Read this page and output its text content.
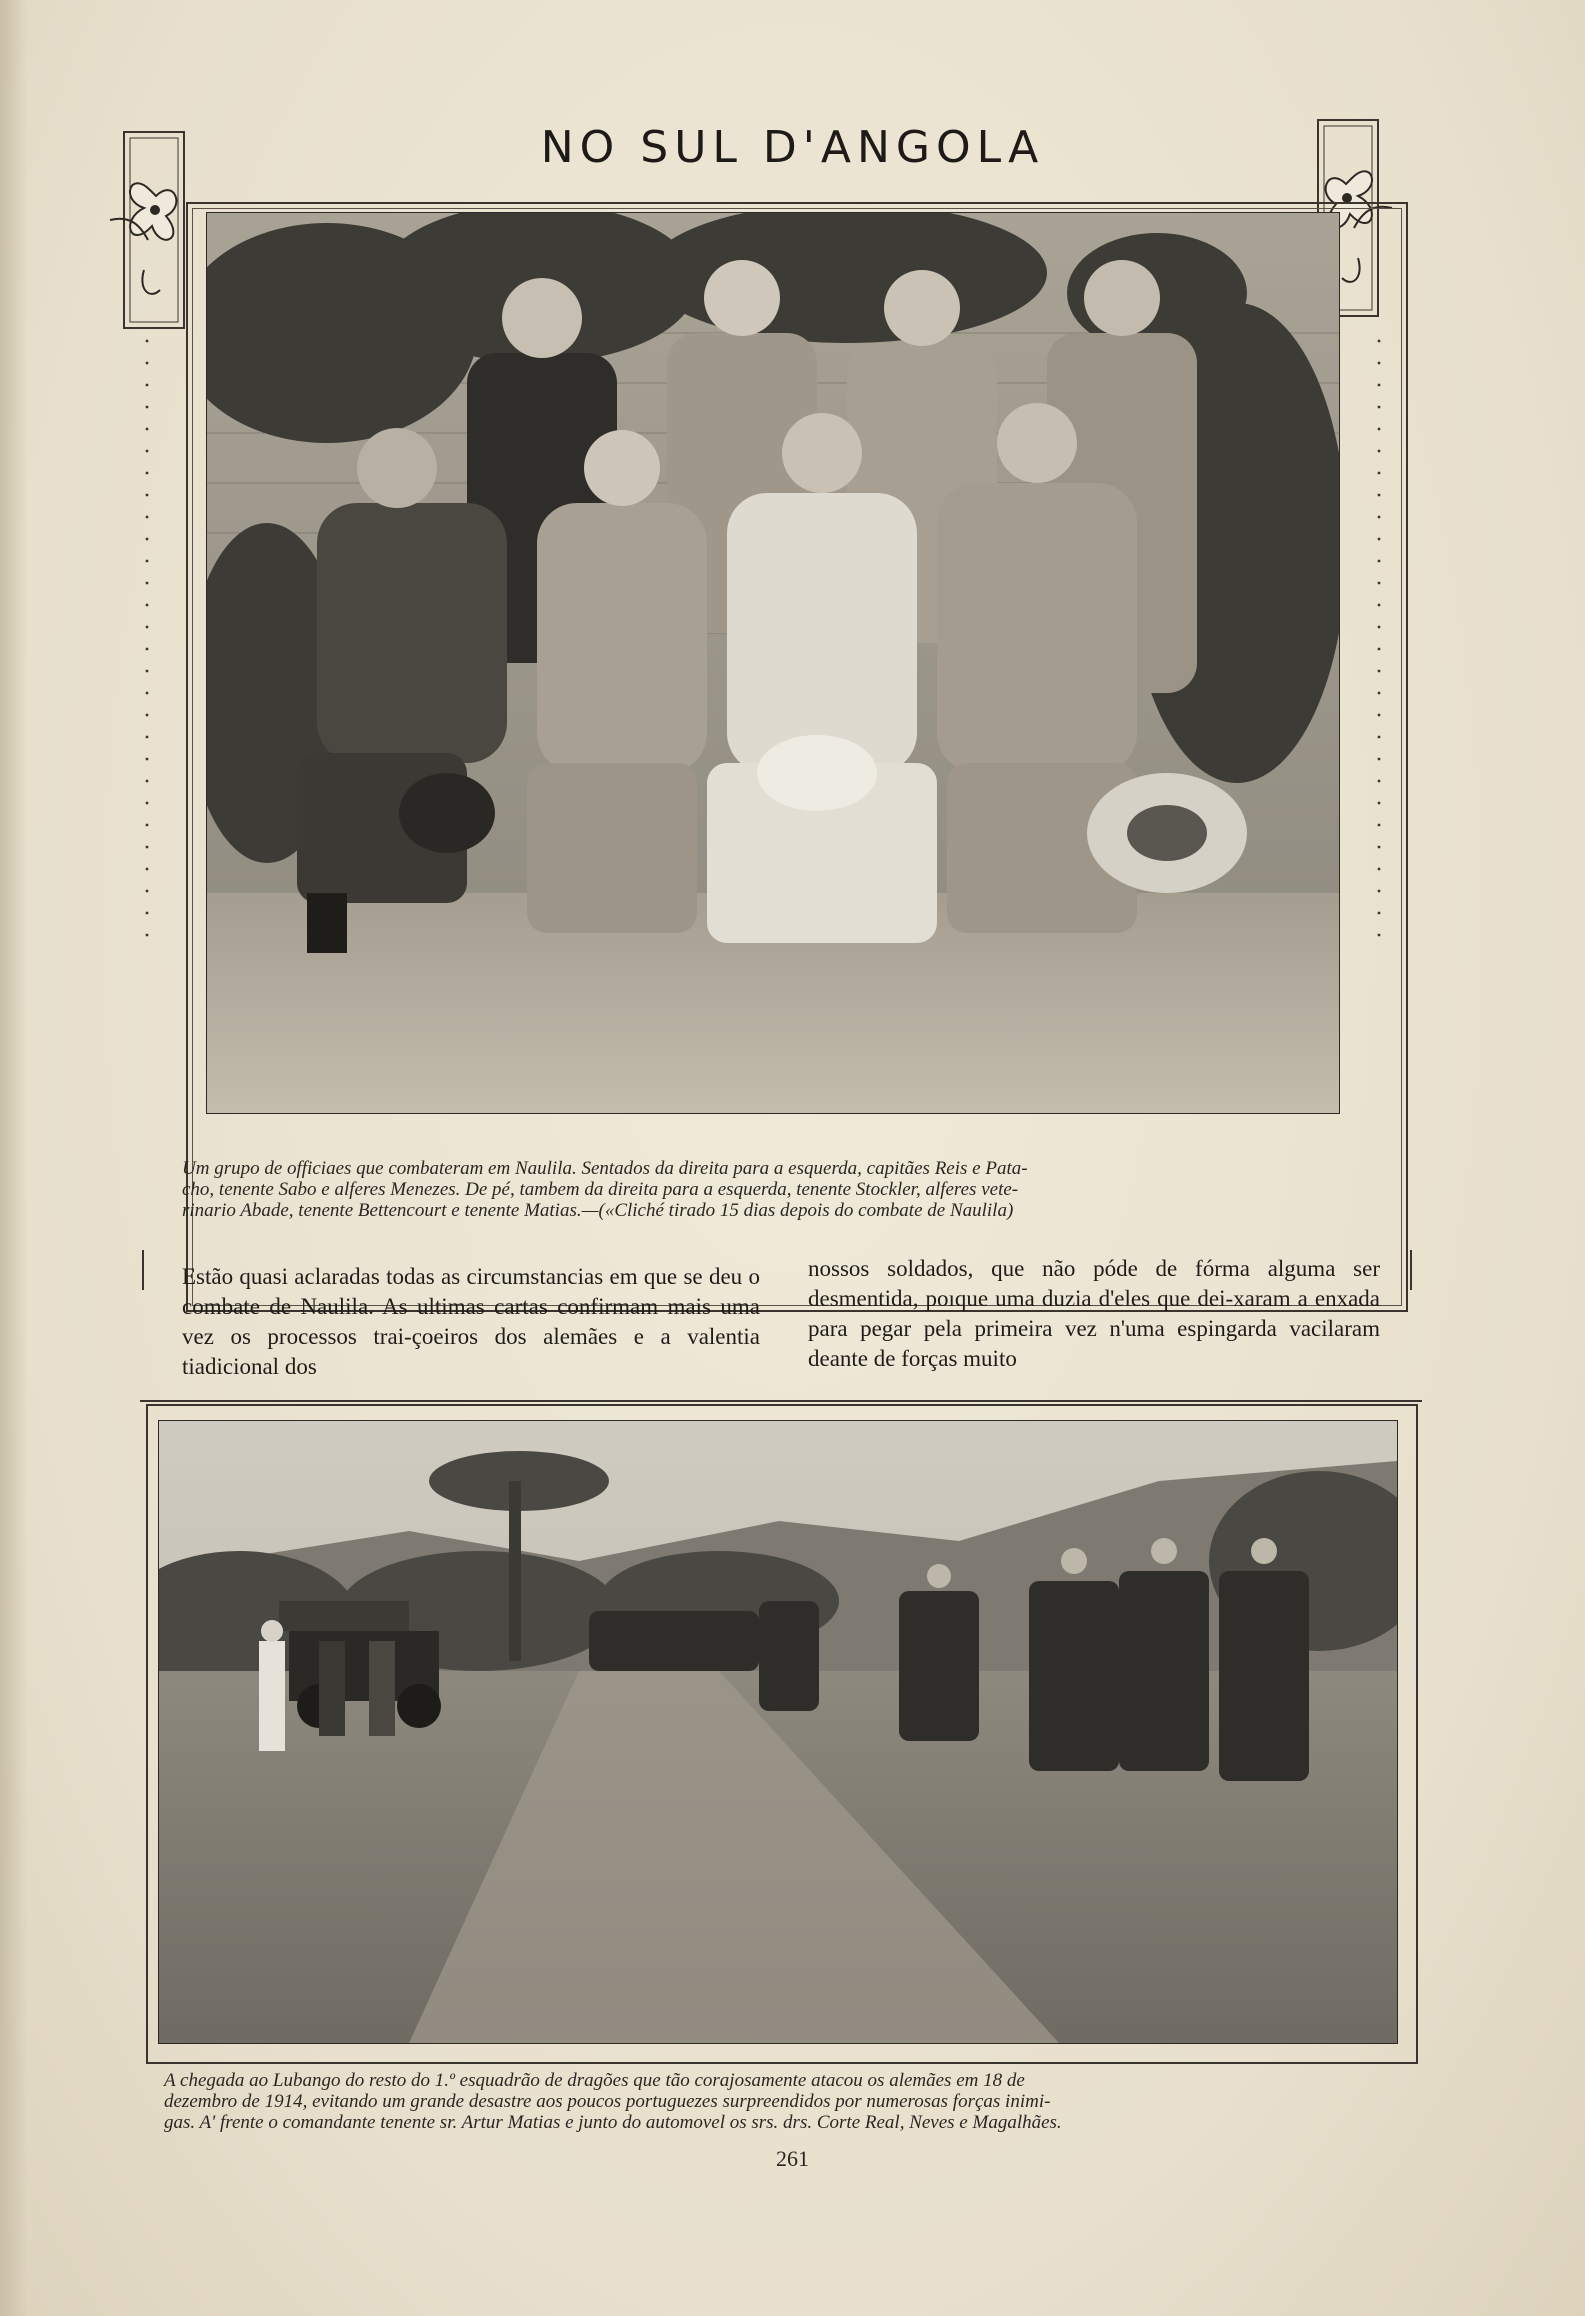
NO SUL D'ANGOLA
Um grupo de officiaes que combateram em Naulila. Sentados da direita para a esquerda, capitães Reis e Pata-
cho, tenente Sabo e alferes Menezes. De pé, tambem da direita para a esquerda, tenente Stockler, alferes vete-
rinario Abade, tenente Bettencourt e tenente Matias.—(«Cliché tirado 15 dias depois do combate de Naulila)
Estão quasi aclaradas todas as circumstancias em que se deu o combate de Naulila. As ultimas cartas confirmam mais uma vez os processos trai-çoeiros dos alemães e a valentia tiadicional dos
nossos soldados, que não póde de fórma alguma ser desmentida, poıque uma duzia d'eles que dei-xaram a enxada para pegar pela primeira vez n'uma espingarda vacilaram deante de forças muito
A chegada ao Lubango do resto do 1.º esquadrão de dragões que tão corajosamente atacou os alemães em 18 de
dezembro de 1914, evitando um grande desastre aos poucos portuguezes surpreendidos por numerosas forças inimi-
gas. A' frente o comandante tenente sr. Artur Matias e junto do automovel os srs. drs. Corte Real, Neves e Magalhães.
261
